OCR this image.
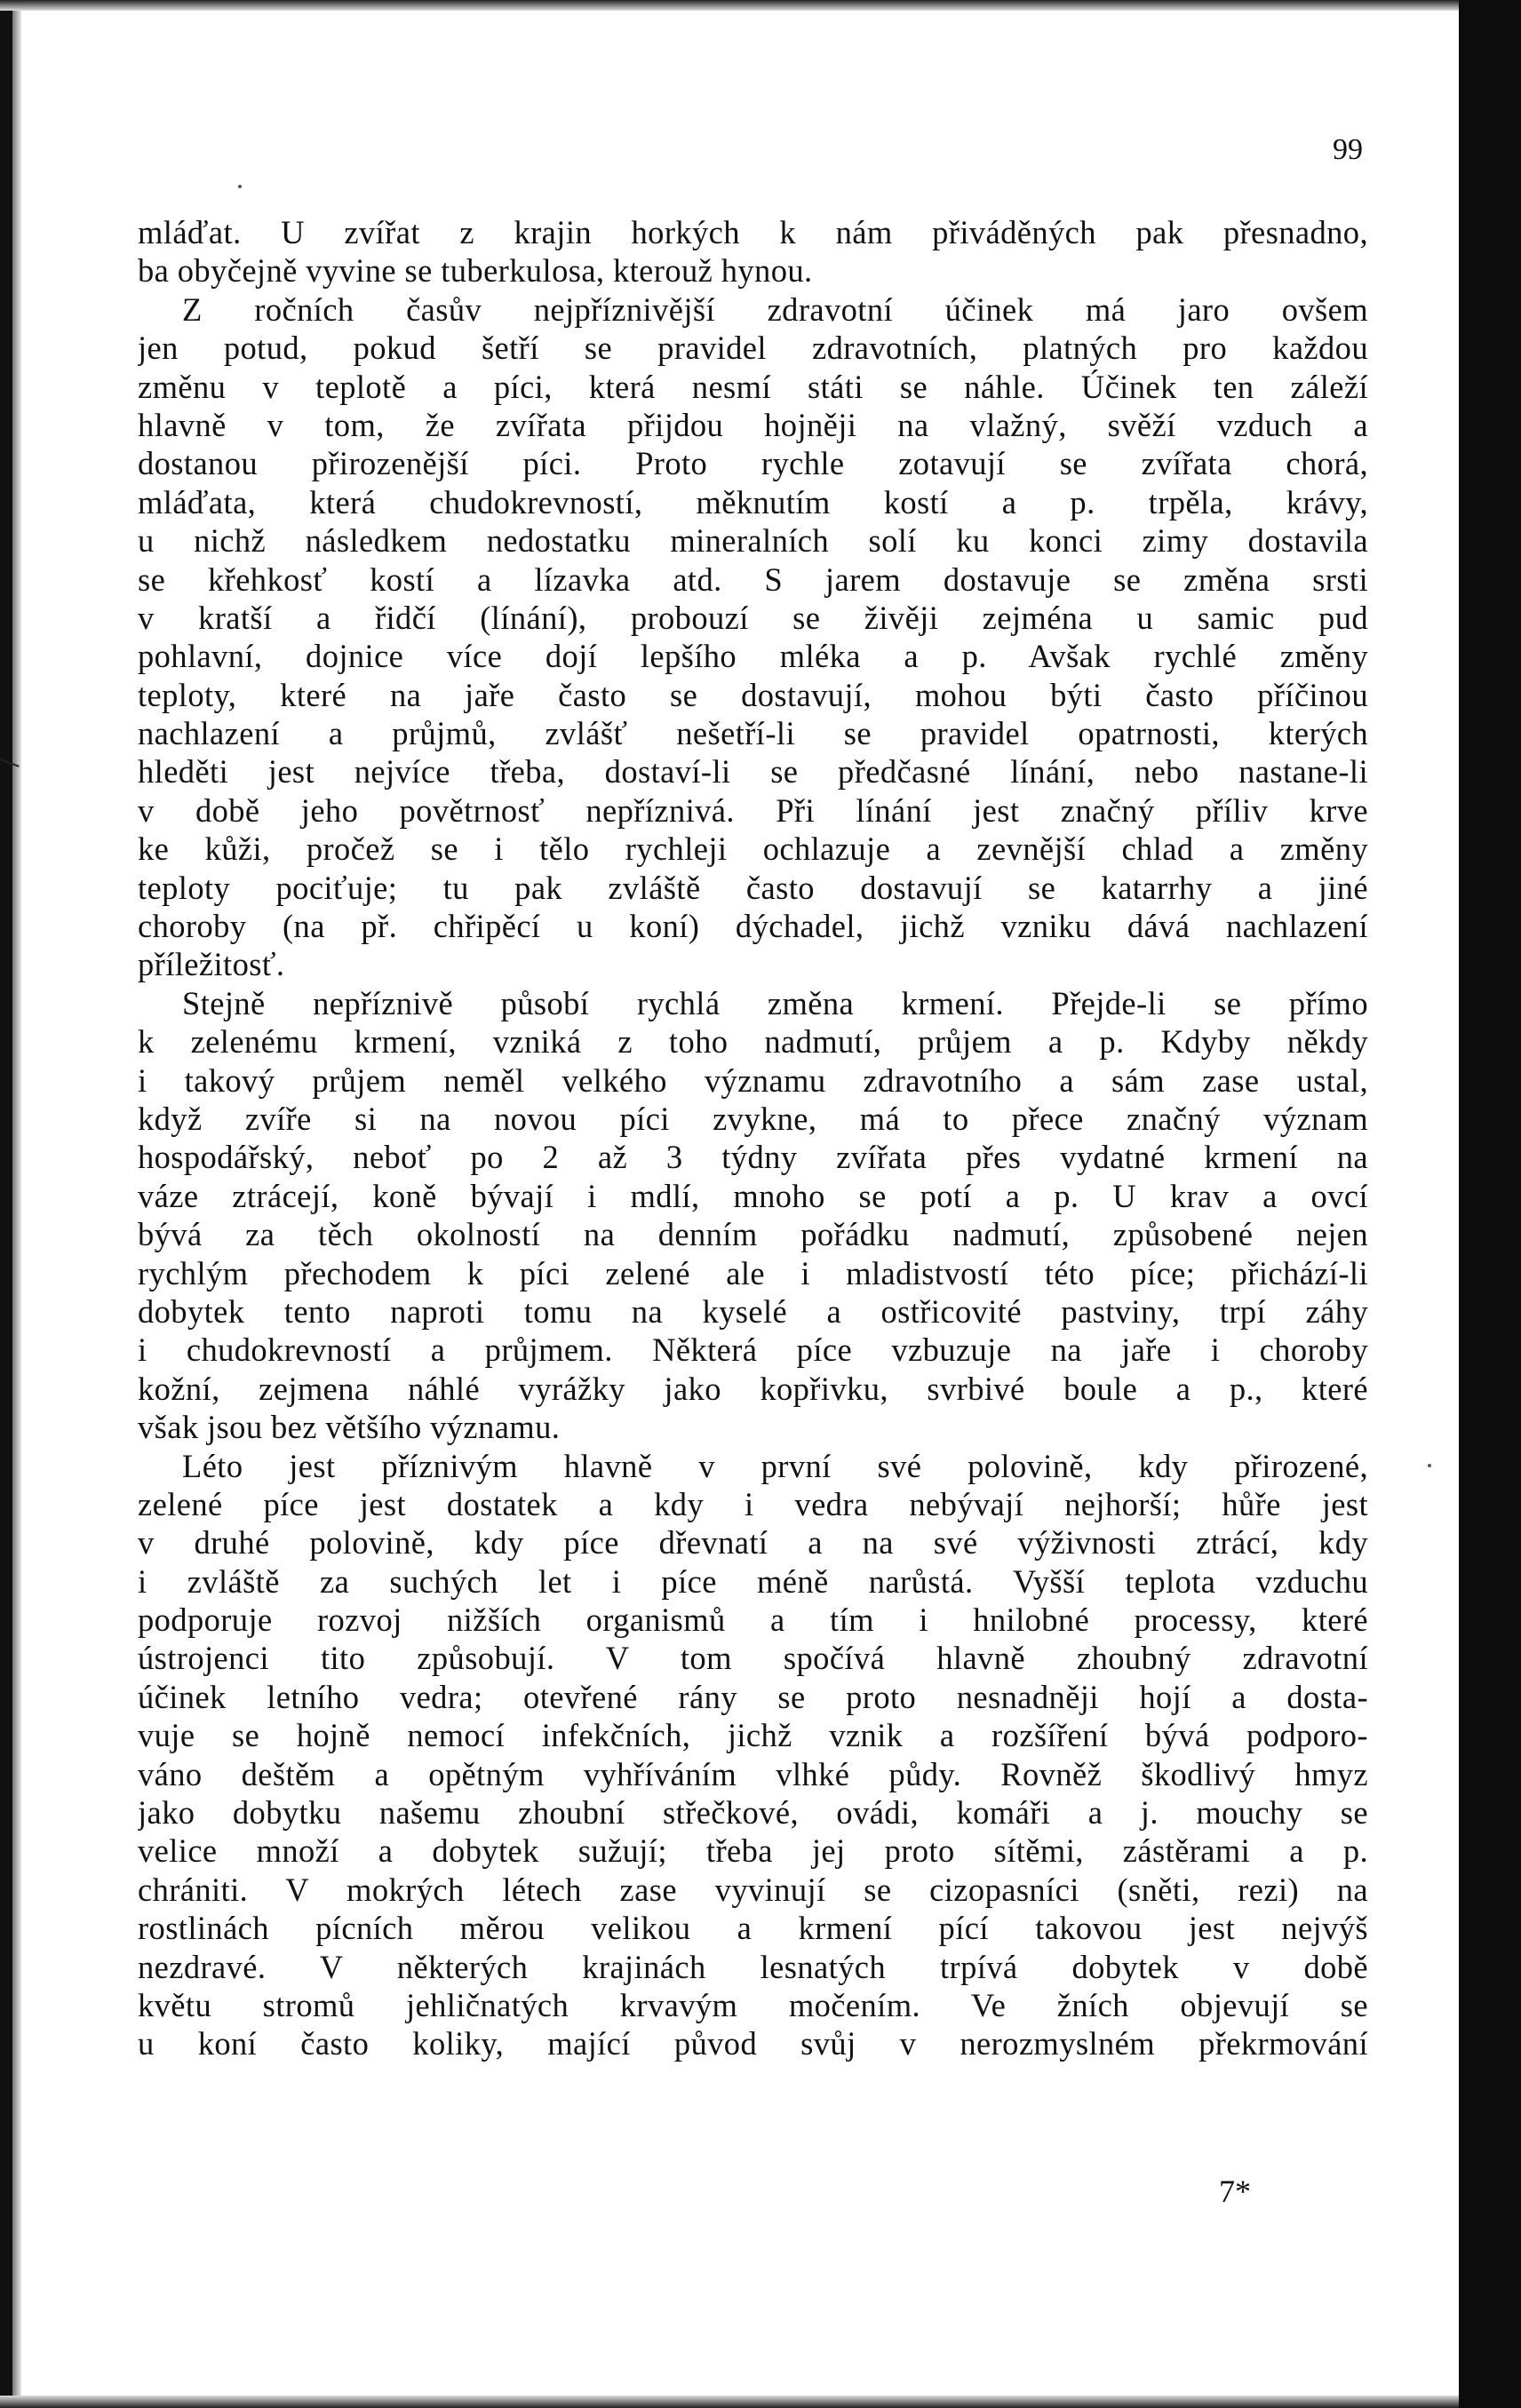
99
mláďat. U zvířat z krajin horkých k nám přiváděných pak přesnadno,
ba obyčejně vyvine se tuberkulosa, kterouž hynou.
Z ročních časův nejpříznivější zdravotní účinek má jaro ovšem
jen potud, pokud šetří se pravidel zdravotních, platných pro každou
změnu v teplotě a píci, která nesmí státi se náhle. Účinek ten záleží
hlavně v tom, že zvířata přijdou hojněji na vlažný, svěží vzduch a
dostanou přirozenější píci. Proto rychle zotavují se zvířata chorá,
mláďata, která chudokrevností, měknutím kostí a p. trpěla, krávy,
u nichž následkem nedostatku mineralních solí ku konci zimy dostavila
se křehkosť kostí a lízavka atd. S jarem dostavuje se změna srsti
v kratší a řidčí (línání), probouzí se živěji zejména u samic pud
pohlavní, dojnice více dojí lepšího mléka a p. Avšak rychlé změny
teploty, které na jaře často se dostavují, mohou býti často příčinou
nachlazení a průjmů, zvlášť nešetří-li se pravidel opatrnosti, kterých
hleděti jest nejvíce třeba, dostaví-li se předčasné línání, nebo nastane-li
v době jeho povětrnosť nepříznivá. Při línání jest značný příliv krve
ke kůži, pročež se i tělo rychleji ochlazuje a zevnější chlad a změny
teploty pociťuje; tu pak zvláště často dostavují se katarrhy a jiné
choroby (na př. chřipěcí u koní) dýchadel, jichž vzniku dává nachlazení
příležitosť.
Stejně nepříznivě působí rychlá změna krmení. Přejde-li se přímo
k zelenému krmení, vzniká z toho nadmutí, průjem a p. Kdyby někdy
i takový průjem neměl velkého významu zdravotního a sám zase ustal,
když zvíře si na novou píci zvykne, má to přece značný význam
hospodářský, neboť po 2 až 3 týdny zvířata přes vydatné krmení na
váze ztrácejí, koně bývají i mdlí, mnoho se potí a p. U krav a ovcí
bývá za těch okolností na denním pořádku nadmutí, způsobené nejen
rychlým přechodem k píci zelené ale i mladistvostí této píce; přichází-li
dobytek tento naproti tomu na kyselé a ostřicovité pastviny, trpí záhy
i chudokrevností a průjmem. Některá píce vzbuzuje na jaře i choroby
kožní, zejmena náhlé vyrážky jako kopřivku, svrbivé boule a p., které
však jsou bez většího významu.
Léto jest příznivým hlavně v první své polovině, kdy přirozené,
zelené píce jest dostatek a kdy i vedra nebývají nejhorší; hůře jest
v druhé polovině, kdy píce dřevnatí a na své výživnosti ztrácí, kdy
i zvláště za suchých let i píce méně narůstá. Vyšší teplota vzduchu
podporuje rozvoj nižších organismů a tím i hnilobné processy, které
ústrojenci tito způsobují. V tom spočívá hlavně zhoubný zdravotní
účinek letního vedra; otevřené rány se proto nesnadněji hojí a dosta-
vuje se hojně nemocí infekčních, jichž vznik a rozšíření bývá podporo-
váno deštěm a opětným vyhříváním vlhké půdy. Rovněž škodlivý hmyz
jako dobytku našemu zhoubní střečkové, ovádi, komáři a j. mouchy se
velice množí a dobytek sužují; třeba jej proto sítěmi, zástěrami a p.
chrániti. V mokrých létech zase vyvinují se cizopasníci (sněti, rezi) na
rostlinách pícních měrou velikou a krmení pící takovou jest nejvýš
nezdravé. V některých krajinách lesnatých trpívá dobytek v době
květu stromů jehličnatých krvavým močením. Ve žních objevují se
u koní často koliky, mající původ svůj v nerozmyslném překrmování
7*
